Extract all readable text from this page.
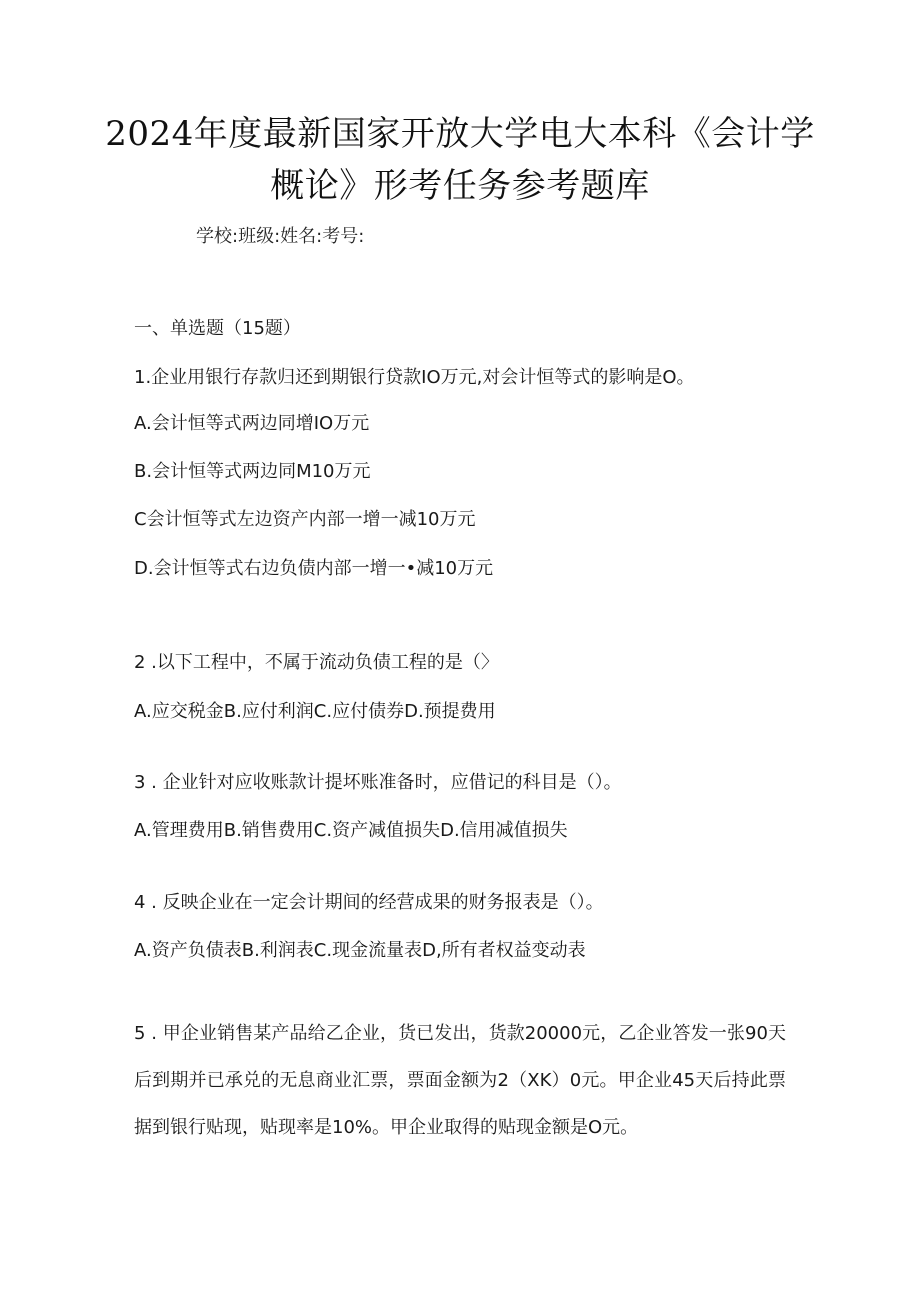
2024年度最新国家开放大学电大本科《会计学概论》形考任务参考题库
学校:班级:姓名:考号:
一、单选题（15题）
1.企业用银行存款归还到期银行贷款IO万元,对会计恒等式的影响是O。
A.会计恒等式两边同增IO万元
B.会计恒等式两边同M10万元
C会计恒等式左边资产内部一增一减10万元
D.会计恒等式右边负债内部一增一•减10万元
2 .以下工程中，不属于流动负债工程的是（〉
A.应交税金B.应付利润C.应付债券D.预提费用
3 . 企业针对应收账款计提坏账准备时，应借记的科目是（）。
A.管理费用B.销售费用C.资产减值损失D.信用减值损失
4 . 反映企业在一定会计期间的经营成果的财务报表是（）。
A.资产负债表B.利润表C.现金流量表D,所有者权益变动表
5 . 甲企业销售某产品给乙企业，货已发出，货款20000元，乙企业答发一张90天后到期并已承兑的无息商业汇票，票面金额为2（XK）0元。甲企业45天后持此票据到银行贴现，贴现率是10%。甲企业取得的贴现金额是O元。
